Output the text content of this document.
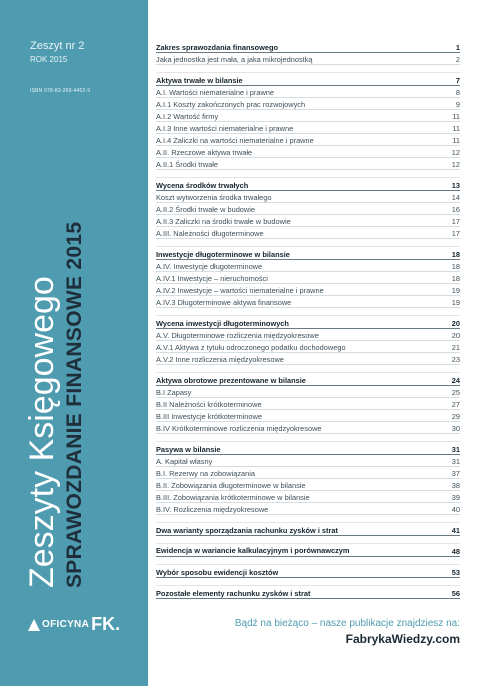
Zeszyt nr 2
ROK 2015
ISBN 978-83-269-4452-9
Zeszyty Księgowego SPRAWOZDANIE FINANSOWE 2015
OFICYNA FK.
Zakres sprawozdania finansowego	1
Jaka jednostka jest mała, a jaka mikrojednostką	2
Aktywa trwałe w bilansie	7
A.I. Wartości niematerialne i prawne	8
A.I.1 Koszty zakończonych prac rozwojowych	9
A.I.2 Wartość firmy	11
A.I.3 Inne wartości niematerialne i prawne	11
A.I.4 Zaliczki na wartości niematerialne i prawne	11
A.II. Rzeczowe aktywa trwałe	12
A.II.1 Środki trwałe	12
Wycena środków trwałych	13
Koszt wytworzenia środka trwałego	14
A.II.2 Środki trwałe w budowie	16
A.II.3 Zaliczki na środki trwałe w budowie	17
A.III. Należności długoterminowe	17
Inwestycje długoterminowe w bilansie	18
A.IV. Inwestycje długoterminowe	18
A.IV.1 Inwestycje – nieruchomości	18
A.IV.2 Inwestycje – wartości niematerialne i prawne	19
A.IV.3 Długoterminowe aktywa finansowe	19
Wycena inwestycji długoterminowych	20
A.V. Długoterminowe rozliczenia międzyokresowe	20
A.V.1 Aktywa z tytułu odroczonego podatku dochodowego	21
A.V.2 Inne rozliczenia międzyokresowe	23
Aktywa obrotowe prezentowane w bilansie	24
B.I Zapasy	25
B.II Należności krótkoterminowe	27
B.III Inwestycje krótkoterminowe	29
B.IV Krótkoterminowe rozliczenia międzyokresowe	30
Pasywa w bilansie	31
A. Kapitał własny	31
B.I. Rezerwy na zobowiązania	37
B.II. Zobowiązania długoterminowe w bilansie	38
B.III. Zobowiązania krótkoterminowe w bilansie	39
B.IV. Rozliczenia międzyokresowe	40
Dwa warianty sporządzania rachunku zysków i strat	41
Ewidencja w wariancie kalkulacyjnym i porównawczym	48
Wybór sposobu ewidencji kosztów	53
Pozostałe elementy rachunku zysków i strat	56
Bądź na bieżąco – nasze publikacje znajdziesz na:
FabrykaWiedzy.com
